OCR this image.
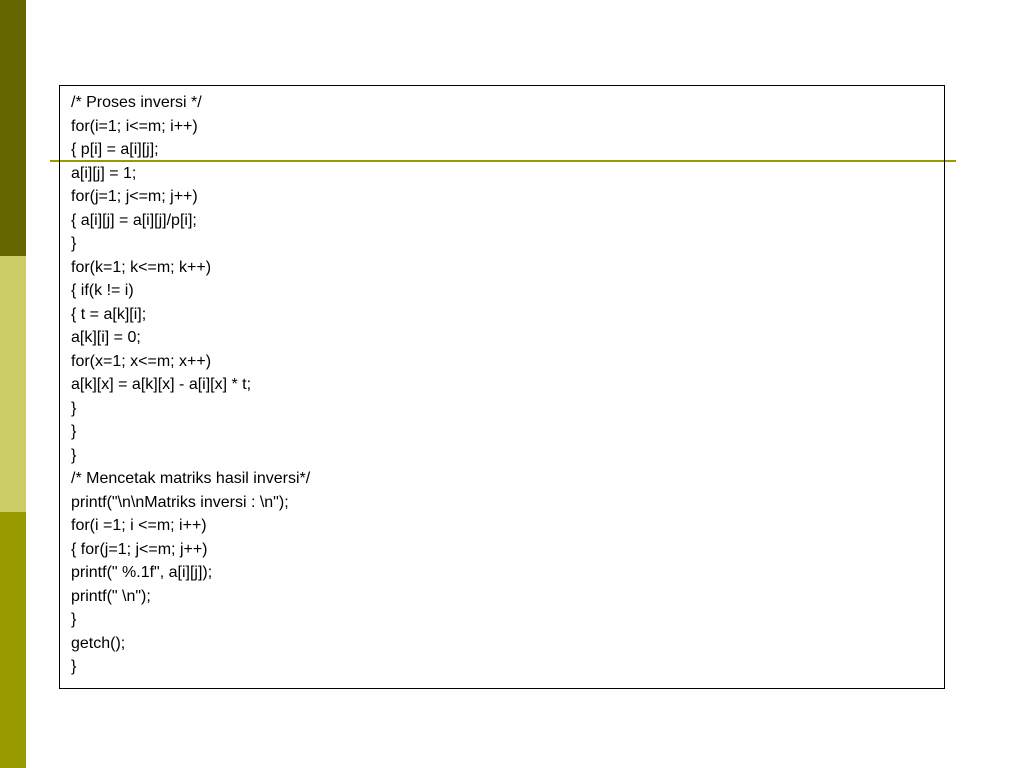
/* Proses inversi */
for(i=1; i<=m; i++)
{ p[i] = a[i][j];
a[i][j] = 1;
for(j=1; j<=m; j++)
{ a[i][j] = a[i][j]/p[i];
}
for(k=1; k<=m; k++)
{ if(k != i)
{ t = a[k][i];
a[k][i] = 0;
for(x=1; x<=m; x++)
a[k][x] = a[k][x] - a[i][x] * t;
}
}
}
/* Mencetak matriks hasil inversi*/
printf("\n\nMatriks inversi : \n");
for(i =1; i <=m; i++)
{ for(j=1; j<=m; j++)
printf(" %.1f", a[i][j]);
printf(" \n");
}
getch();
}
